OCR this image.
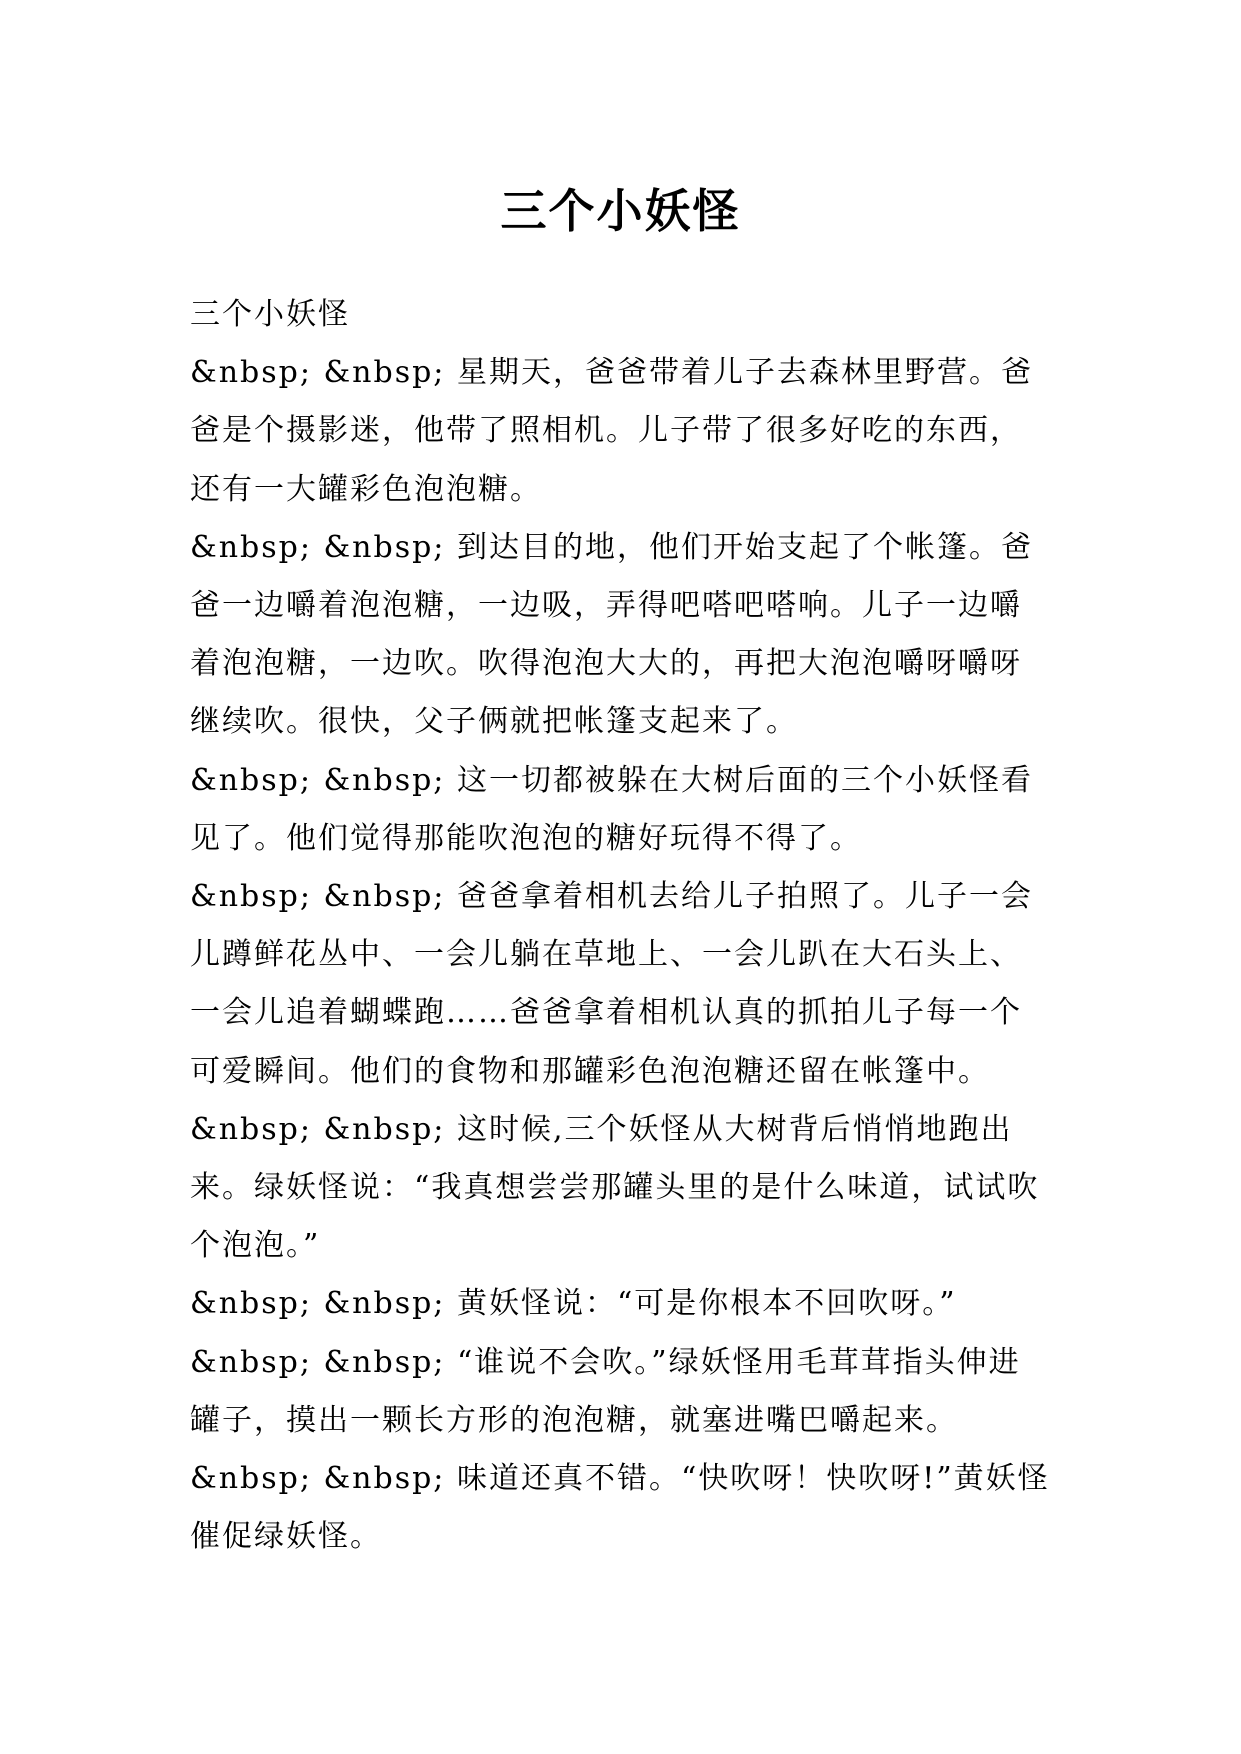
三个小妖怪

三个小妖怪

&nbsp; &nbsp; 星期天，爸爸带着儿子去森林里野营。爸爸是个摄影迷，他带了照相机。儿子带了很多好吃的东西，还有一大罐彩色泡泡糖。

&nbsp; &nbsp; 到达目的地，他们开始支起了个帐篷。爸爸一边嚼着泡泡糖，一边吸，弄得吧嗒吧嗒响。儿子一边嚼着泡泡糖，一边吹。吹得泡泡大大的，再把大泡泡嚼呀嚼呀继续吹。很快，父子俩就把帐篷支起来了。

&nbsp; &nbsp; 这一切都被躲在大树后面的三个小妖怪看见了。他们觉得那能吹泡泡的糖好玩得不得了。

&nbsp; &nbsp; 爸爸拿着相机去给儿子拍照了。儿子一会儿蹲鲜花丛中、一会儿躺在草地上、一会儿趴在大石头上、一会儿追着蝴蝶跑……爸爸拿着相机认真的抓拍儿子每一个可爱瞬间。他们的食物和那罐彩色泡泡糖还留在帐篷中。

&nbsp; &nbsp; 这时候,三个妖怪从大树背后悄悄地跑出来。绿妖怪说：“我真想尝尝那罐头里的是什么味道，试试吹个泡泡。”

&nbsp; &nbsp; 黄妖怪说：“可是你根本不回吹呀。”

&nbsp; &nbsp; “谁说不会吹。”绿妖怪用毛茸茸指头伸进罐子，摸出一颗长方形的泡泡糖，就塞进嘴巴嚼起来。

&nbsp; &nbsp; 味道还真不错。“快吹呀！快吹呀!”黄妖怪催促绿妖怪。
